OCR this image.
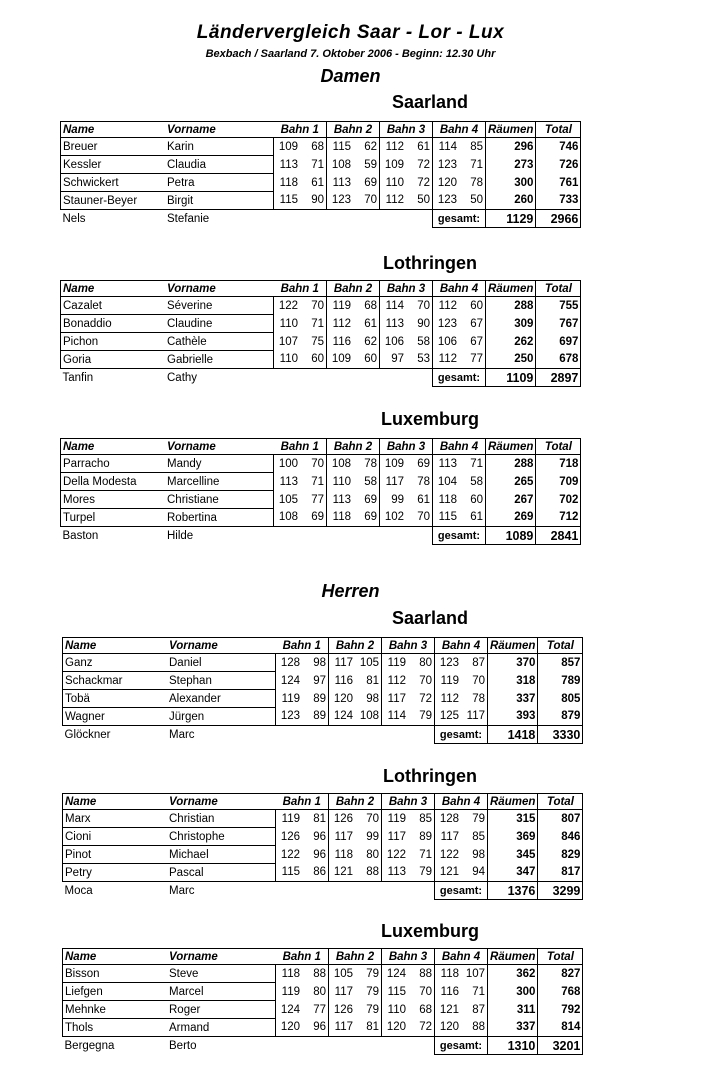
Ländervergleich Saar - Lor - Lux
Bexbach / Saarland 7. Oktober 2006 - Beginn: 12.30 Uhr
Damen
Saarland
Name	Vorname	Bahn 1		Bahn 2		Bahn 3		Bahn 4		Räumen	Total
Breuer	Karin	109	68	115	62	112	61	114	85	296	746
Kessler	Claudia	113	71	108	59	109	72	123	71	273	726
Schwickert	Petra	118	61	113	69	110	72	120	78	300	761
Stauner-Beyer	Birgit	115	90	123	70	112	50	123	50	260	733
Nels	Stefanie							gesamt:		1129	2966
Lothringen
Name	Vorname	Bahn 1		Bahn 2		Bahn 3		Bahn 4		Räumen	Total
Cazalet	Séverine	122	70	119	68	114	70	112	60	288	755
Bonaddio	Claudine	110	71	112	61	113	90	123	67	309	767
Pichon	Cathèle	107	75	116	62	106	58	106	67	262	697
Goria	Gabrielle	110	60	109	60	97	53	112	77	250	678
Tanfin	Cathy							gesamt:		1109	2897
Luxemburg
Name	Vorname	Bahn 1		Bahn 2		Bahn 3		Bahn 4		Räumen	Total
Parracho	Mandy	100	70	108	78	109	69	113	71	288	718
Della Modesta	Marcelline	113	71	110	58	117	78	104	58	265	709
Mores	Christiane	105	77	113	69	99	61	118	60	267	702
Turpel	Robertina	108	69	118	69	102	70	115	61	269	712
Baston	Hilde							gesamt:		1089	2841
Herren
Saarland
Name	Vorname	Bahn 1		Bahn 2		Bahn 3		Bahn 4		Räumen	Total
Ganz	Daniel	128	98	117	105	119	80	123	87	370	857
Schackmar	Stephan	124	97	116	81	112	70	119	70	318	789
Tobä	Alexander	119	89	120	98	117	72	112	78	337	805
Wagner	Jürgen	123	89	124	108	114	79	125	117	393	879
Glöckner	Marc							gesamt:		1418	3330
Lothringen
Name	Vorname	Bahn 1		Bahn 2		Bahn 3		Bahn 4		Räumen	Total
Marx	Christian	119	81	126	70	119	85	128	79	315	807
Cioni	Christophe	126	96	117	99	117	89	117	85	369	846
Pinot	Michael	122	96	118	80	122	71	122	98	345	829
Petry	Pascal	115	86	121	88	113	79	121	94	347	817
Moca	Marc							gesamt:		1376	3299
Luxemburg
Name	Vorname	Bahn 1		Bahn 2		Bahn 3		Bahn 4		Räumen	Total
Bisson	Steve	118	88	105	79	124	88	118	107	362	827
Liefgen	Marcel	119	80	117	79	115	70	116	71	300	768
Mehnke	Roger	124	77	126	79	110	68	121	87	311	792
Thols	Armand	120	96	117	81	120	72	120	88	337	814
Bergegna	Berto							gesamt:		1310	3201
